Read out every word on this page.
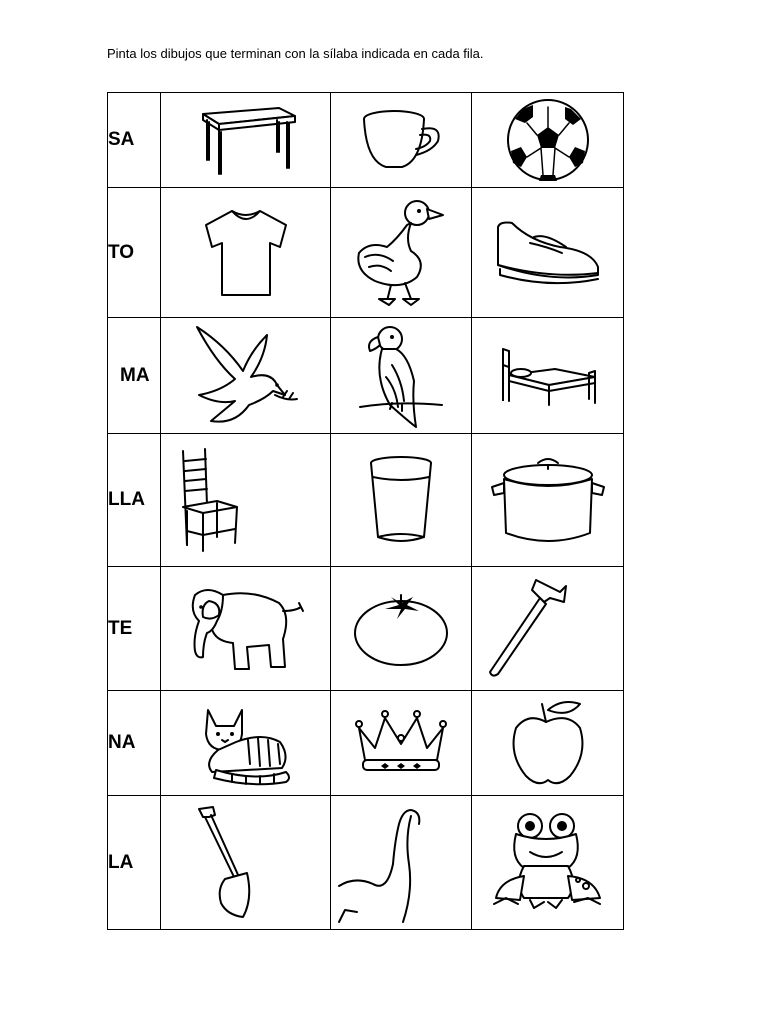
Pinta los dibujos que terminan con la sílaba indicada en cada fila.
SA	

TO	

MA	

LLA	

TE	

NA	

LA	
